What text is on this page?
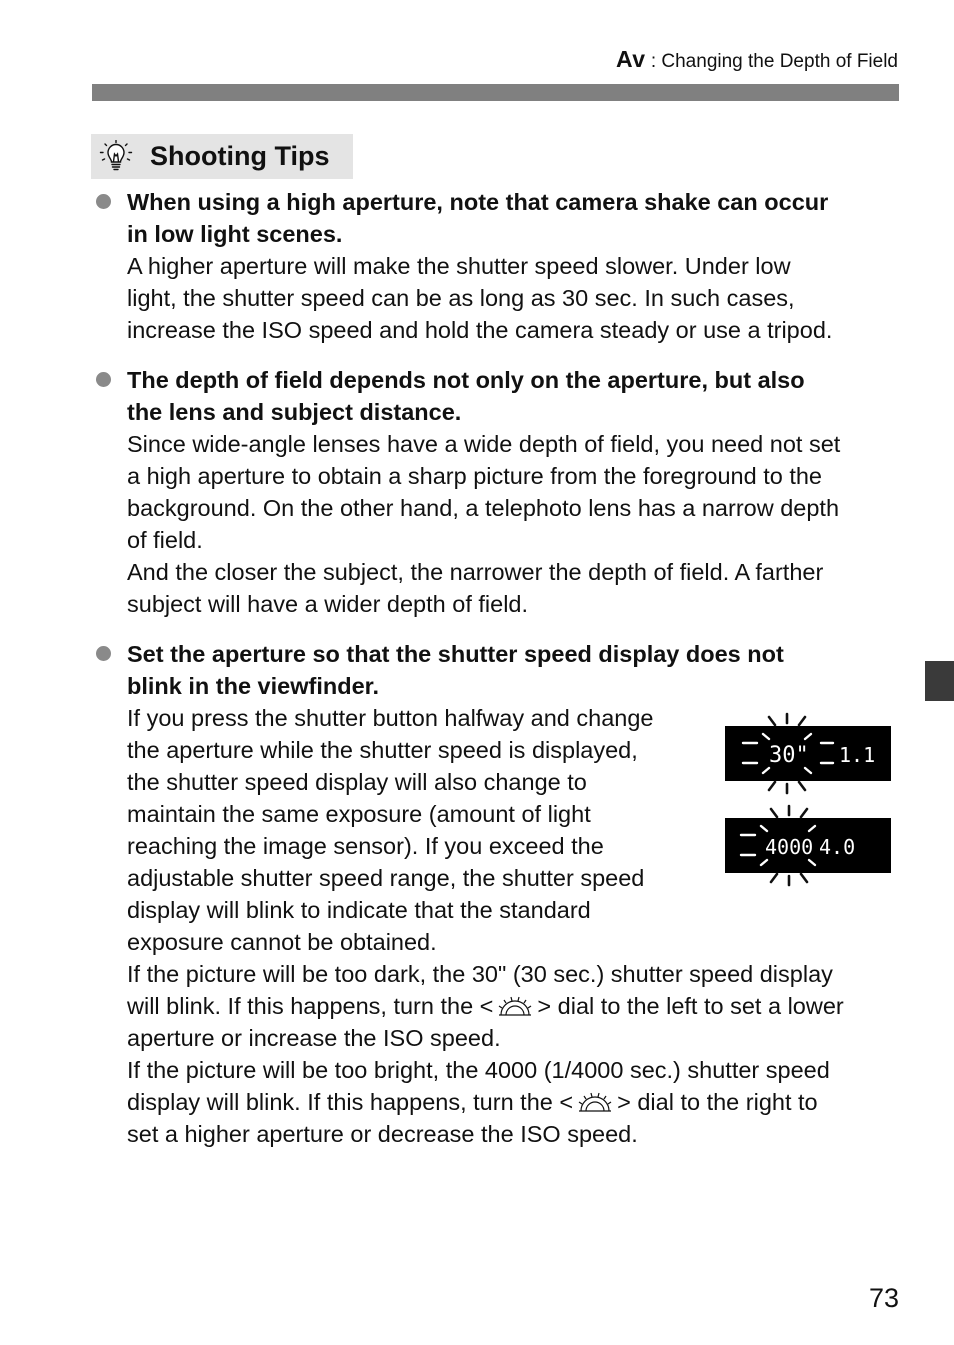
Av : Changing the Depth of Field
Shooting Tips
When using a high aperture, note that camera shake can occur
in low light scenes.
A higher aperture will make the shutter speed slower. Under low
light, the shutter speed can be as long as 30 sec. In such cases,
increase the ISO speed and hold the camera steady or use a tripod.
The depth of field depends not only on the aperture, but also
the lens and subject distance.
Since wide-angle lenses have a wide depth of field, you need not set
a high aperture to obtain a sharp picture from the foreground to the
background. On the other hand, a telephoto lens has a narrow depth
of field.
And the closer the subject, the narrower the depth of field. A farther
subject will have a wider depth of field.
Set the aperture so that the shutter speed display does not
blink in the viewfinder.
If you press the shutter button halfway and change
the aperture while the shutter speed is displayed,
the shutter speed display will also change to
maintain the same exposure (amount of light
reaching the image sensor). If you exceed the
adjustable shutter speed range, the shutter speed
display will blink to indicate that the standard
exposure cannot be obtained.
If the picture will be too dark, the 30" (30 sec.) shutter speed display
will blink. If this happens, turn the < > dial to the left to set a lower
aperture or increase the ISO speed.
If the picture will be too bright, the 4000 (1/4000 sec.) shutter speed
display will blink. If this happens, turn the < > dial to the right to
set a higher aperture or decrease the ISO speed.
30" 1.1
4000 4.0
73
